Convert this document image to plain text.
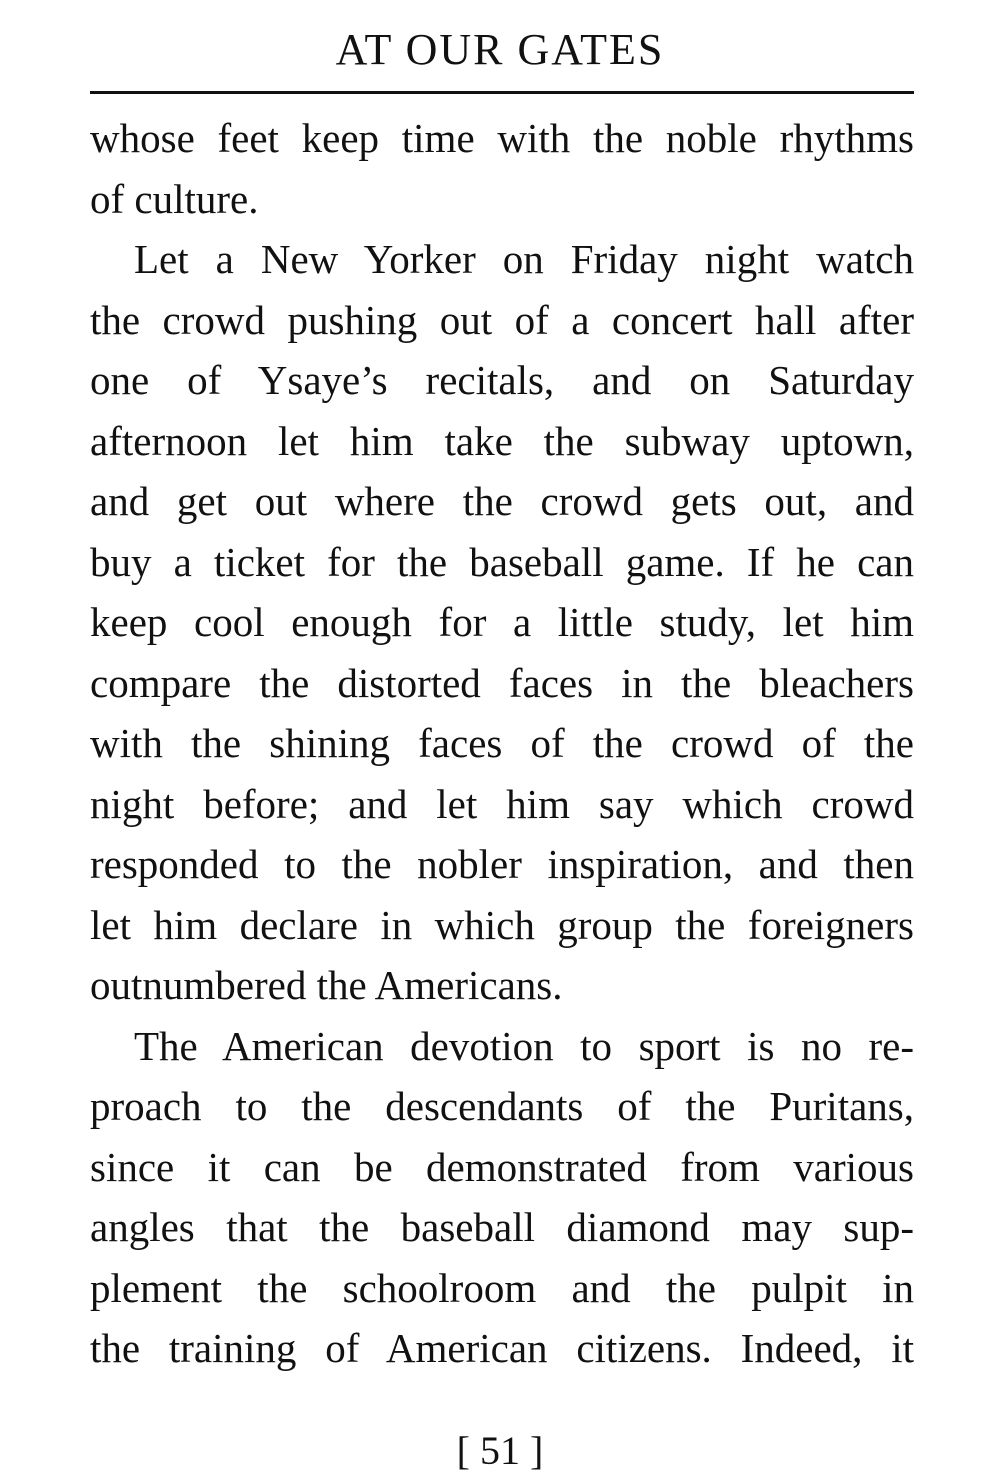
AT OUR GATES
whose feet keep time with the noble rhythms
of culture.
Let a New Yorker on Friday night watch
the crowd pushing out of a concert hall after
one of Ysaye’s recitals, and on Saturday
afternoon let him take the subway uptown,
and get out where the crowd gets out, and
buy a ticket for the baseball game. If he can
keep cool enough for a little study, let him
compare the distorted faces in the bleachers
with the shining faces of the crowd of the
night before; and let him say which crowd
responded to the nobler inspiration, and then
let him declare in which group the foreigners
outnumbered the Americans.
The American devotion to sport is no re-
proach to the descendants of the Puritans,
since it can be demonstrated from various
angles that the baseball diamond may sup-
plement the schoolroom and the pulpit in
the training of American citizens. Indeed, it
[ 51 ]
